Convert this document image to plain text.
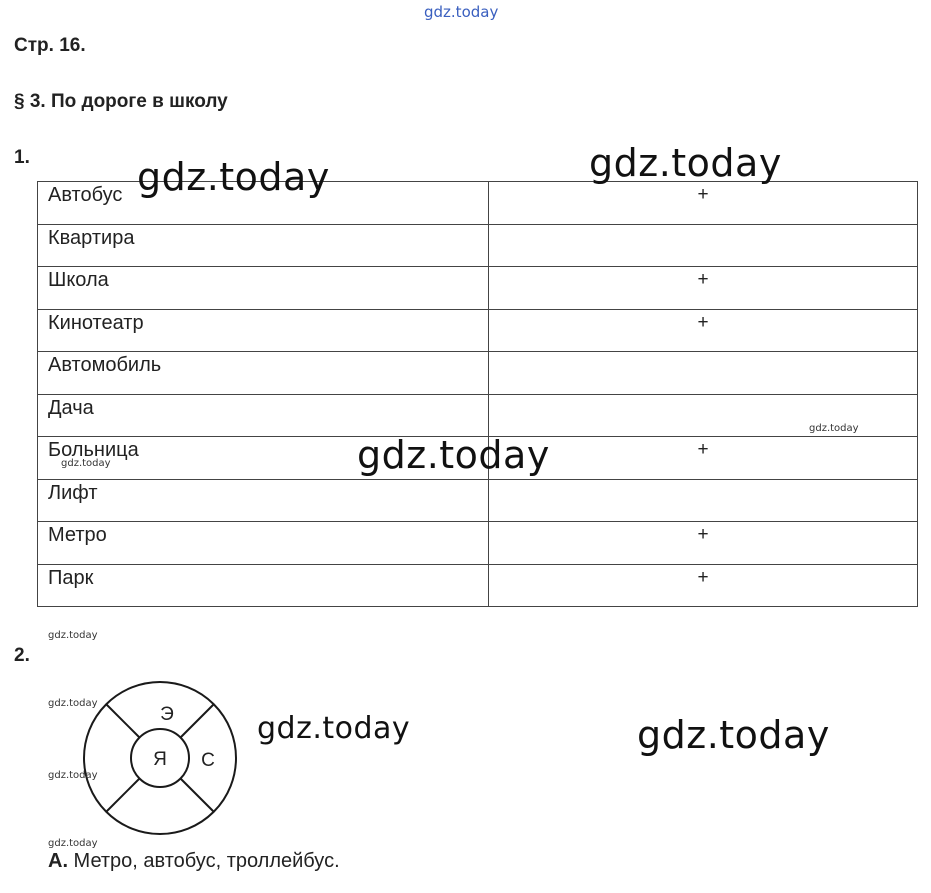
gdz.today
Стр. 16.
§ 3. По дороге в школу
1.
Автобус	+
Квартира	
Школа	+
Кинотеатр	+
Автомобиль	
Дача	
Больница	+
Лифт	
Метро	+
Парк	+
gdz.today	gdz.today
gdz.today
gdz.today
gdz.today
gdz.today
2.
Я
Э
С
gdz.today
gdz.today
gdz.today	gdz.today
gdz.today
А. Метро, автобус, троллейбус.
